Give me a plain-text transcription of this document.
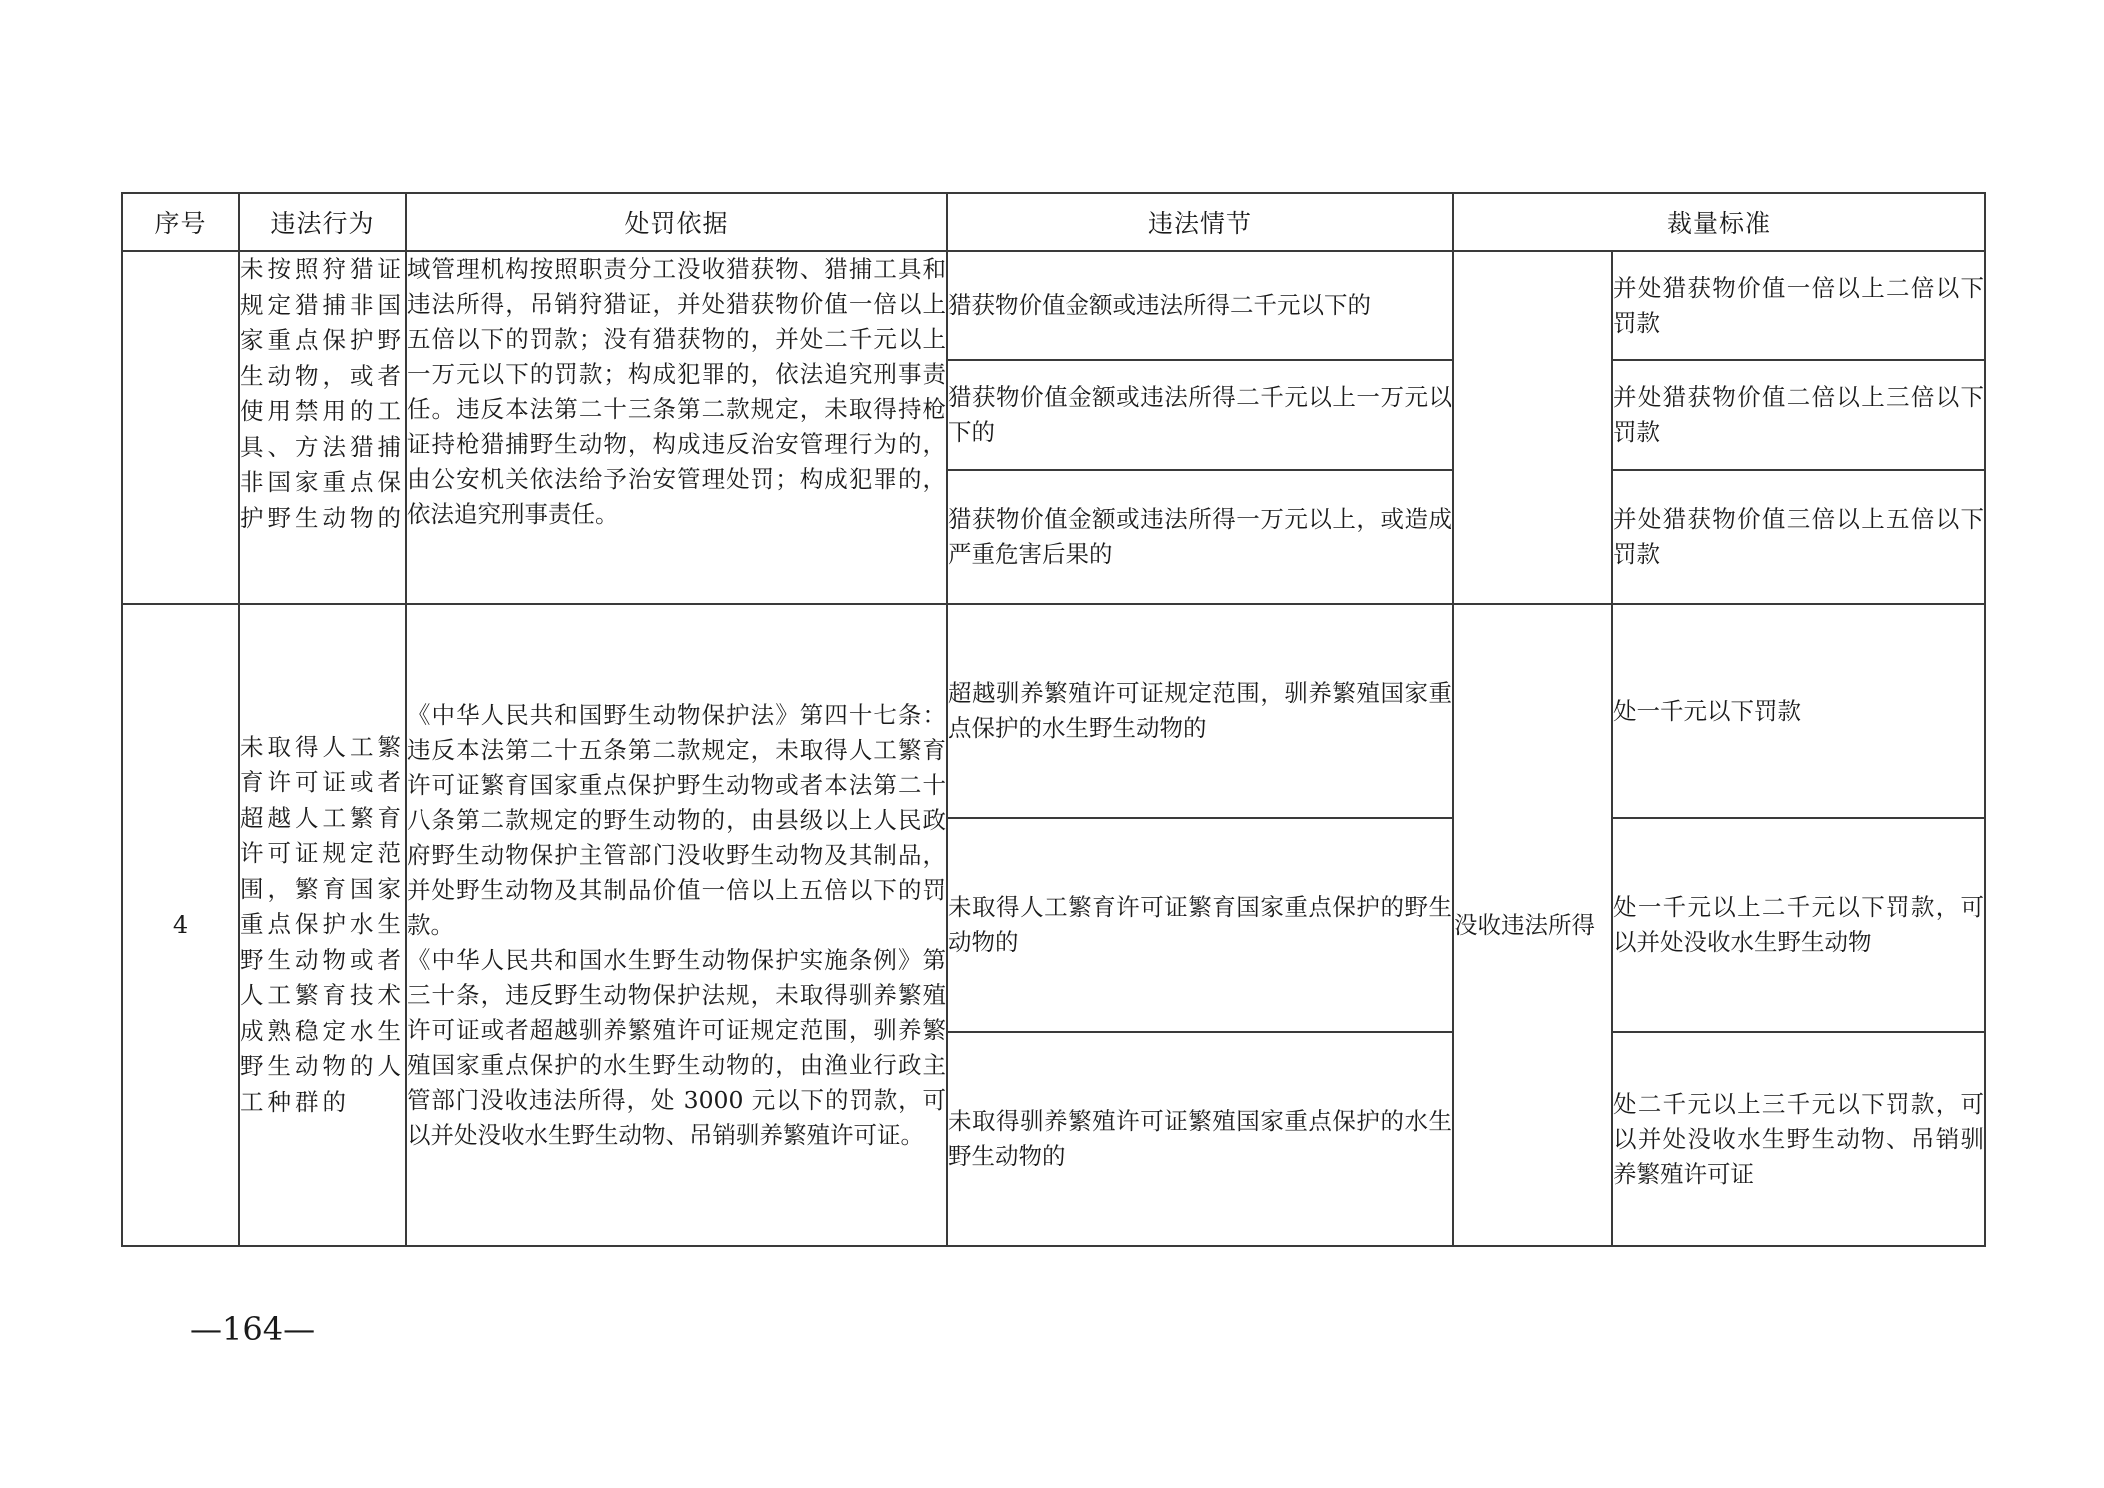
序号	违法行为	处罚依据	违法情节	裁量标准	
	未按照狩猎证规定猎捕非国家重点保护野生动物，或者使用禁用的工具、方法猎捕非国家重点保护野生动物的	域管理机构按照职责分工没收猎获物、猎捕工具和违法所得，吊销狩猎证，并处猎获物价值一倍以上五倍以下的罚款；没有猎获物的，并处二千元以上一万元以下的罚款；构成犯罪的，依法追究刑事责任。违反本法第二十三条第二款规定，未取得持枪证持枪猎捕野生动物，构成违反治安管理行为的，由公安机关依法给予治安管理处罚；构成犯罪的，依法追究刑事责任。	猎获物价值金额或违法所得二千元以下的		并处猎获物价值一倍以上二倍以下罚款
			猎获物价值金额或违法所得二千元以上一万元以下的		并处猎获物价值二倍以上三倍以下罚款
			猎获物价值金额或违法所得一万元以上，或造成严重危害后果的		并处猎获物价值三倍以上五倍以下罚款
4	未取得人工繁育许可证或者超越人工繁育许可证规定范围，繁育国家重点保护水生野生动物或者人工繁育技术成熟稳定水生野生动物的人工种群的	《中华人民共和国野生动物保护法》第四十七条：违反本法第二十五条第二款规定，未取得人工繁育许可证繁育国家重点保护野生动物或者本法第二十八条第二款规定的野生动物的，由县级以上人民政府野生动物保护主管部门没收野生动物及其制品，并处野生动物及其制品价值一倍以上五倍以下的罚款。
《中华人民共和国水生野生动物保护实施条例》第三十条，违反野生动物保护法规，未取得驯养繁殖许可证或者超越驯养繁殖许可证规定范围，驯养繁殖国家重点保护的水生野生动物的，由渔业行政主管部门没收违法所得，处 3000 元以下的罚款，可以并处没收水生野生动物、吊销驯养繁殖许可证。	超越驯养繁殖许可证规定范围，驯养繁殖国家重点保护的水生野生动物的	没收违法所得	处一千元以下罚款
			未取得人工繁育许可证繁育国家重点保护的野生动物的		处一千元以上二千元以下罚款，可以并处没收水生野生动物
			未取得驯养繁殖许可证繁殖国家重点保护的水生野生动物的		处二千元以上三千元以下罚款，可以并处没收水生野生动物、吊销驯养繁殖许可证
—164—
